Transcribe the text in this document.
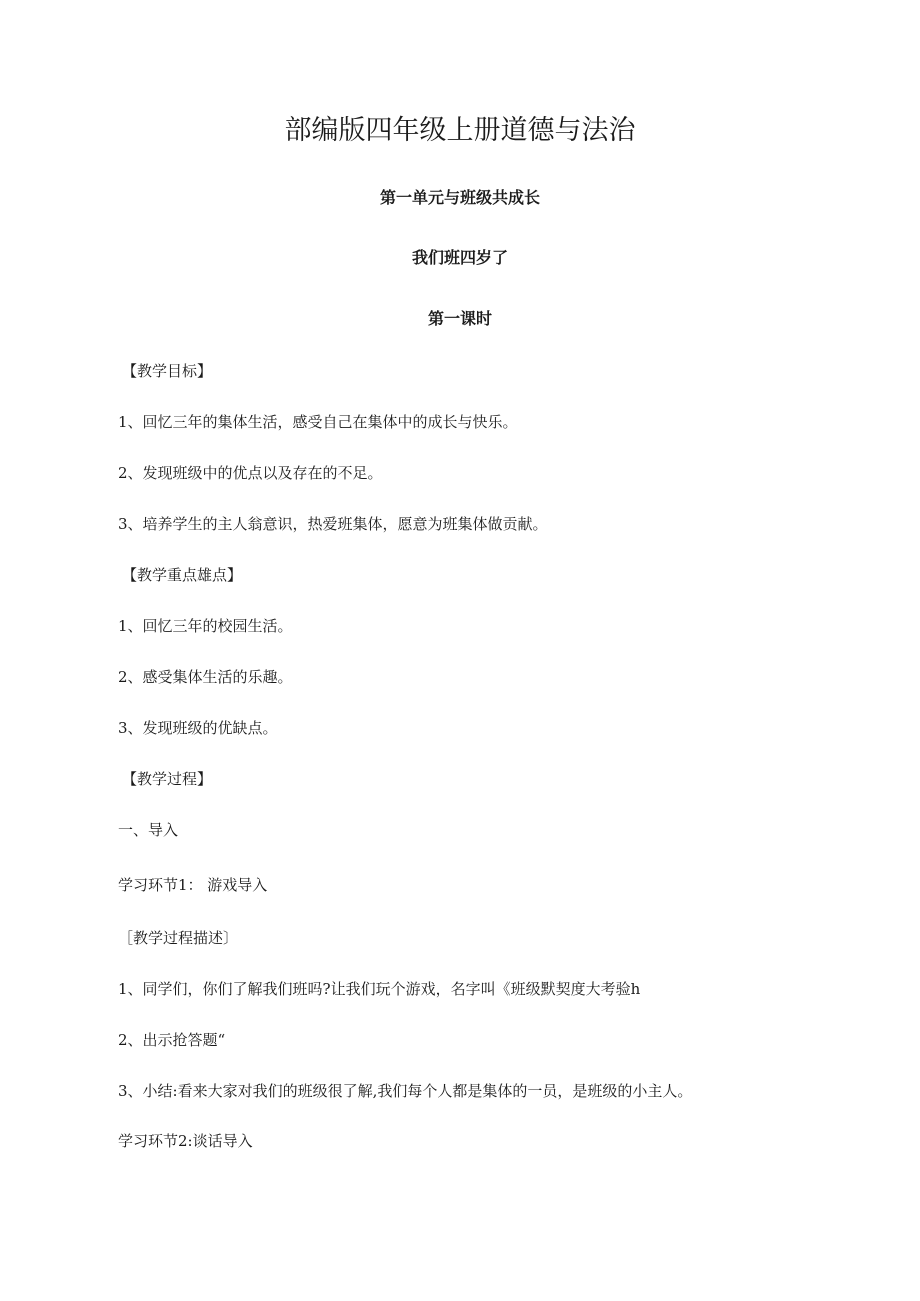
部编版四年级上册道德与法治
第一单元与班级共成长
我们班四岁了
第一课时
【教学目标】
1、回忆三年的集体生活，感受自己在集体中的成长与快乐。
2、发现班级中的优点以及存在的不足。
3、培养学生的主人翁意识，热爱班集体，愿意为班集体做贡献。
【教学重点雄点】
1、回忆三年的校园生活。
2、感受集体生活的乐趣。
3、发现班级的优缺点。
【教学过程】
一、导入
学习环节1： 游戏导入
［教学过程描述〕
1、同学们，你们了解我们班吗?让我们玩个游戏，名字叫《班级默契度大考验h
2、出示抢答题“
3、小结:看来大家对我们的班级很了解,我们每个人都是集体的一员，是班级的小主人。
学习环节2:谈话导入
